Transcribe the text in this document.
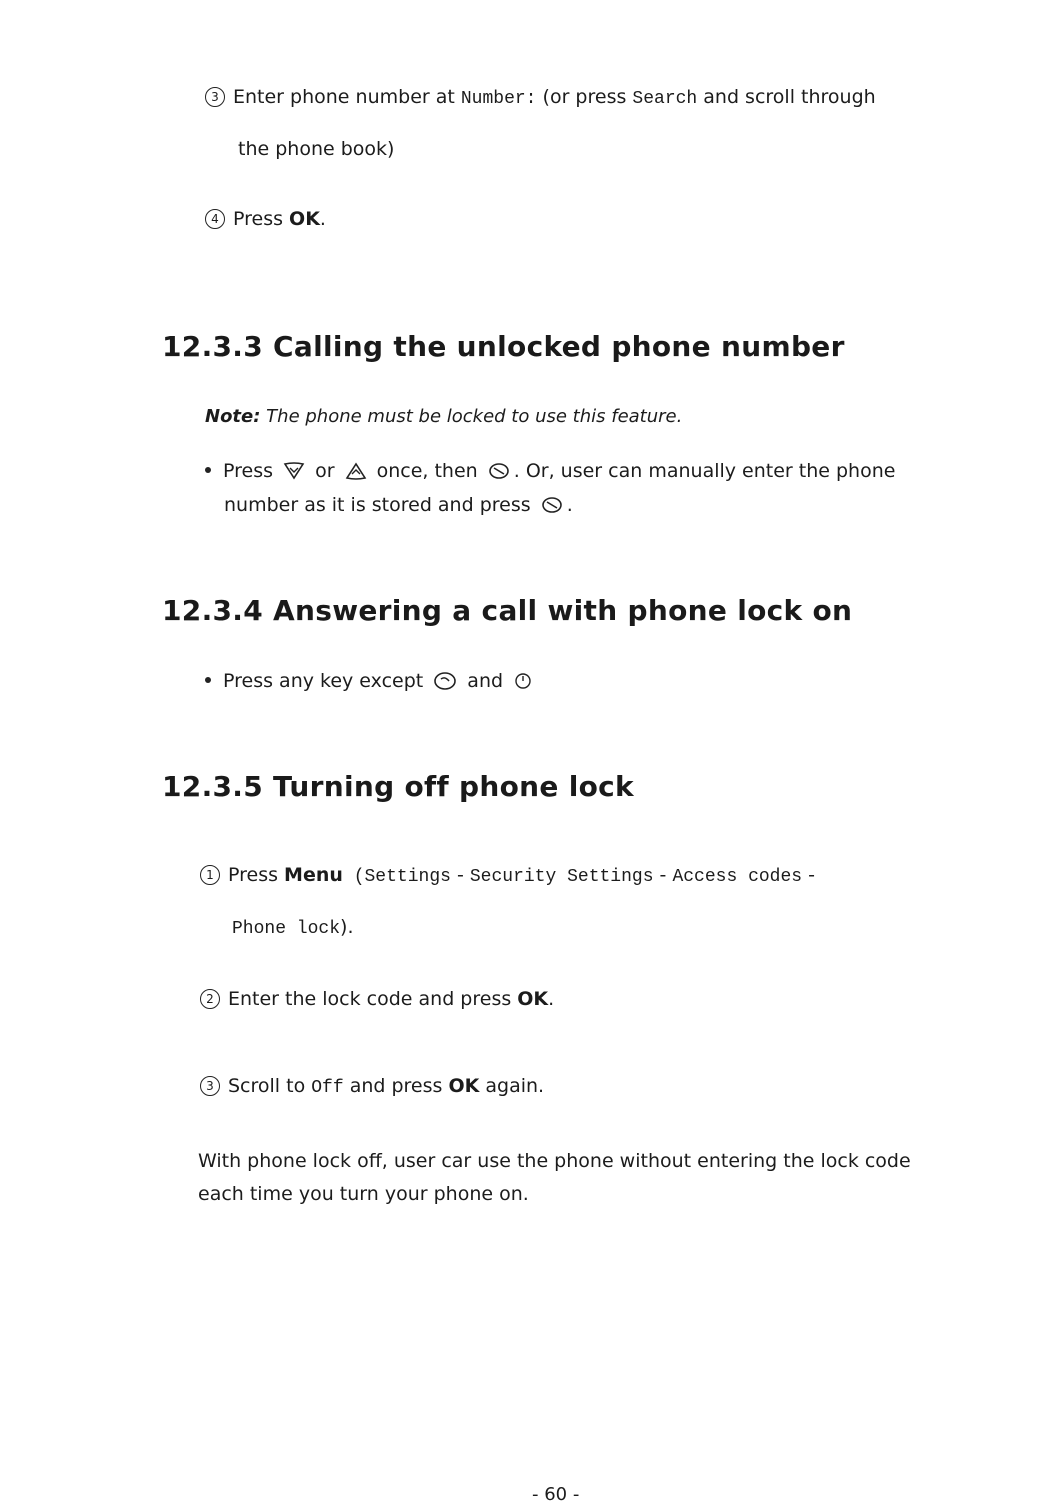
3 Enter phone number at Number: (or press Search and scroll through
the phone book)
4 Press OK.
12.3.3 Calling the unlocked phone number
Note: The phone must be locked to use this feature.
Press
or
once, then
. Or, user can manually enter the phone
number as it is stored and press
.
12.3.4 Answering a call with phone lock on
Press any key except
and
12.3.5 Turning off phone lock
1 Press Menu (Settings - Security Settings - Access codes -
Phone lock).
2 Enter the lock code and press OK.
3 Scroll to Off and press OK again.
With phone lock off, user car use the phone without entering the lock code
each time you turn your phone on.
- 60 -
